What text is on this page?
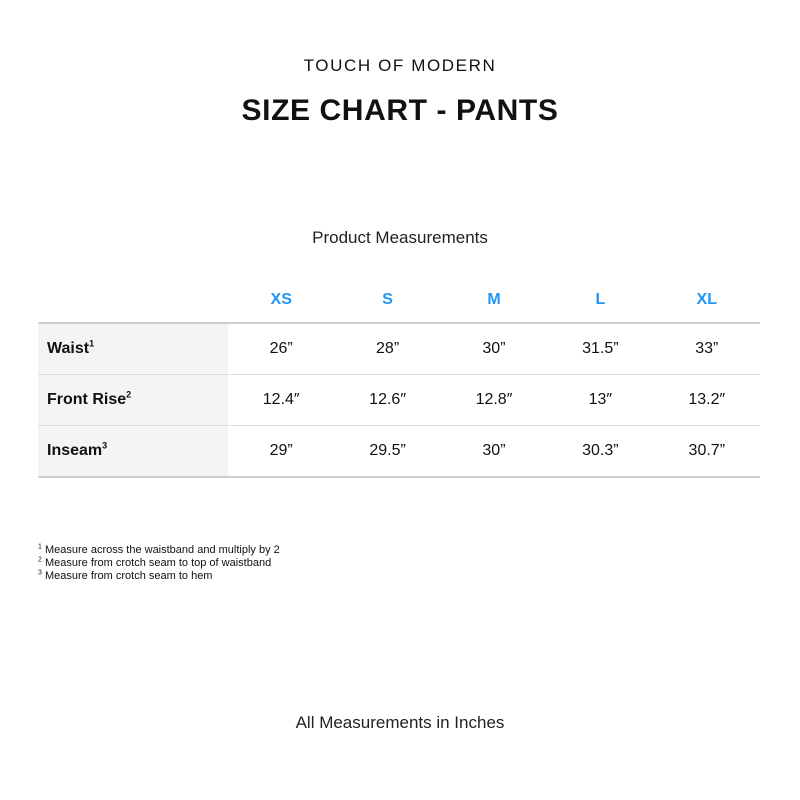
TOUCH OF MODERN
SIZE CHART - PANTS
Product Measurements
	XS	S	M	L	XL
Waist$^1$	26”	28”	30”	31.5”	33”
Front Rise$^2$	12.4″	12.6″	12.8″	13″	13.2″
Inseam$^3$	29”	29.5”	30”	30.3”	30.7”
$^1$ Measure across the waistband and multiply by 2
$^2$ Measure from crotch seam to top of waistband
$^3$ Measure from crotch seam to hem
All Measurements in Inches
